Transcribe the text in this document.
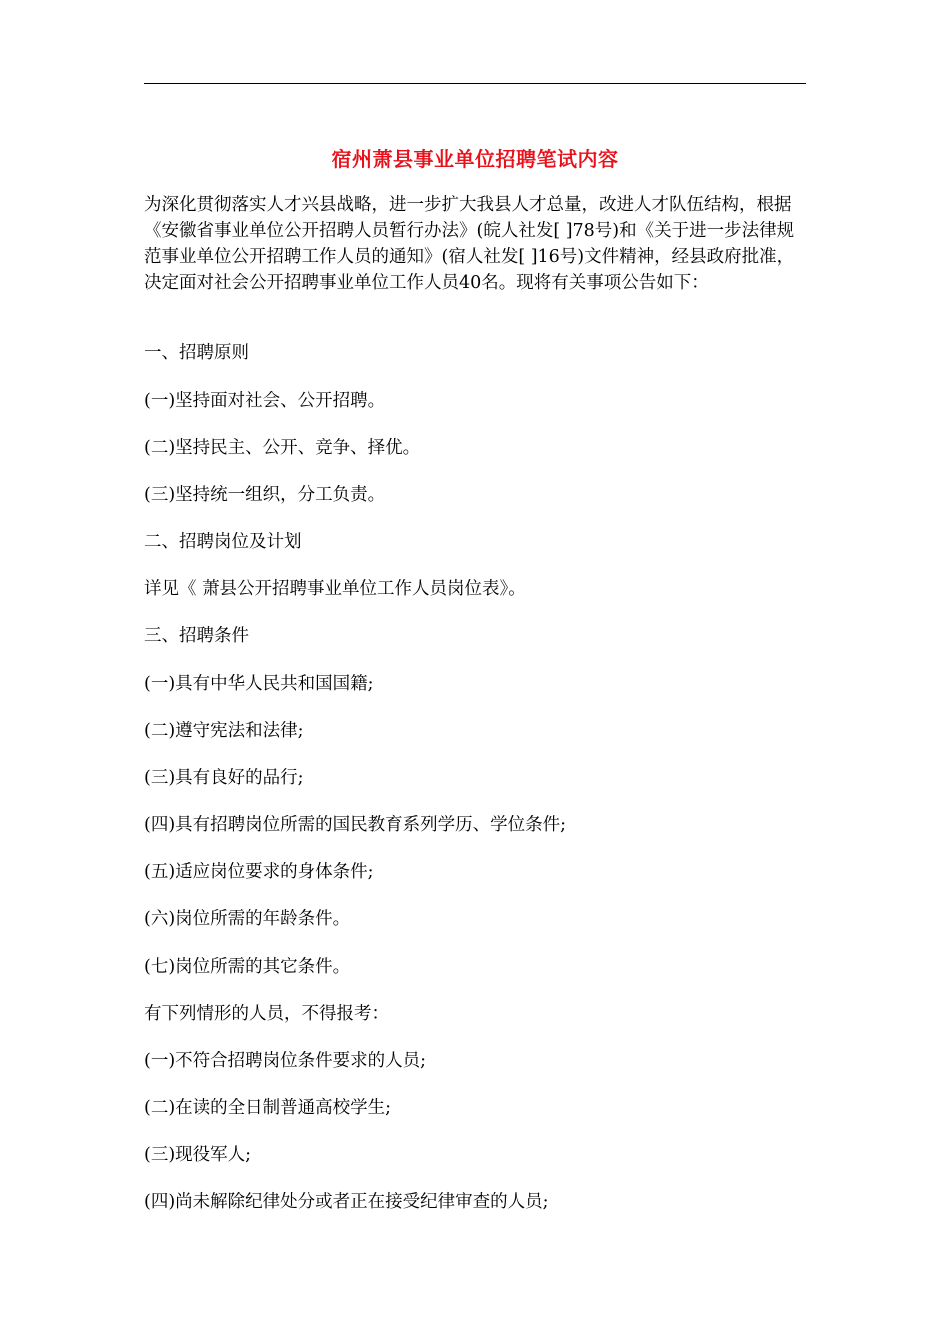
宿州萧县事业单位招聘笔试内容

为深化贯彻落实人才兴县战略，进一步扩大我县人才总量，改进人才队伍结构，根据《安徽省事业单位公开招聘人员暂行办法》(皖人社发[ ]78号)和《关于进一步法律规范事业单位公开招聘工作人员的通知》(宿人社发[ ]16号)文件精神，经县政府批准，决定面对社会公开招聘事业单位工作人员40名。现将有关事项公告如下：

一、招聘原则

(一)坚持面对社会、公开招聘。

(二)坚持民主、公开、竞争、择优。

(三)坚持统一组织，分工负责。

二、招聘岗位及计划

详见《 萧县公开招聘事业单位工作人员岗位表》。

三、招聘条件

(一)具有中华人民共和国国籍;

(二)遵守宪法和法律;

(三)具有良好的品行;

(四)具有招聘岗位所需的国民教育系列学历、学位条件;

(五)适应岗位要求的身体条件;

(六)岗位所需的年龄条件。

(七)岗位所需的其它条件。

有下列情形的人员，不得报考：

(一)不符合招聘岗位条件要求的人员;

(二)在读的全日制普通高校学生;

(三)现役军人;

(四)尚未解除纪律处分或者正在接受纪律审查的人员;
